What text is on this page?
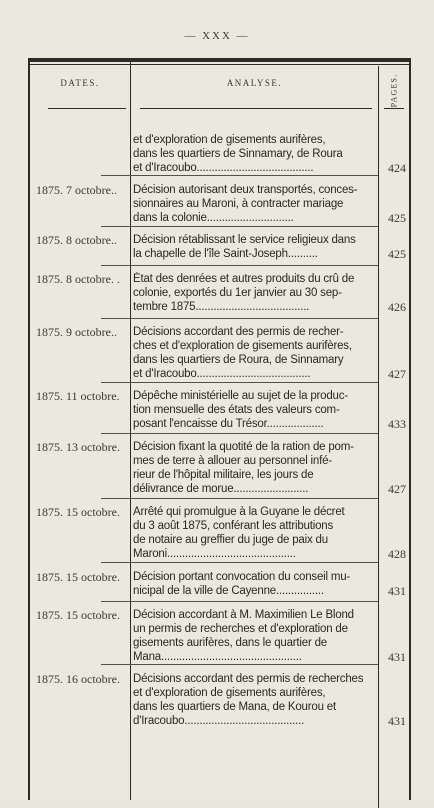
— XXX —
DATES.	ANALYSE.	PAGES.
et d'exploration de gisements aurifères,
dans les quartiers de Sinnamary, de Roura
et d'Iracoubo.......................................	424
1875. 7 octobre..	Décision autorisant deux transportés, conces-
sionnaires au Maroni, à contracter mariage
dans la colonie.............................	425
1875. 8 octobre..	Décision rétablissant le service religieux dans
la chapelle de l'île Saint-Joseph..........	425
1875. 8 octobre. .	État des denrées et autres produits du crû de
colonie, exportés du 1er janvier au 30 sep-
tembre 1875......................................	426
1875. 9 octobre..	Décisions accordant des permis de recher-
ches et d'exploration de gisements aurifères,
dans les quartiers de Roura, de Sinnamary
et d'Iracoubo......................................	427
1875. 11 octobre.	Dépêche ministérielle au sujet de la produc-
tion mensuelle des états des valeurs com-
posant l'encaisse du Trésor...................	433
1875. 13 octobre.	Décision fixant la quotité de la ration de pom-
mes de terre à allouer au personnel infé-
rieur de l'hôpital militaire, les jours de
délivrance de morue.........................	427
1875. 15 octobre.	Arrêté qui promulgue à la Guyane le décret
du 3 août 1875, conférant les attributions
de notaire au greffier du juge de paix du
Maroni...........................................	428
1875. 15 octobre.	Décision portant convocation du conseil mu-
nicipal de la ville de Cayenne................	431
1875. 15 octobre.	Décision accordant à M. Maximilien Le Blond
un permis de recherches et d'exploration de
gisements aurifères, dans le quartier de
Mana...............................................	431
1875. 16 octobre.	Décisions accordant des permis de recherches
et d'exploration de gisements aurifères,
dans les quartiers de Mana, de Kourou et
d'Iracoubo........................................	431
